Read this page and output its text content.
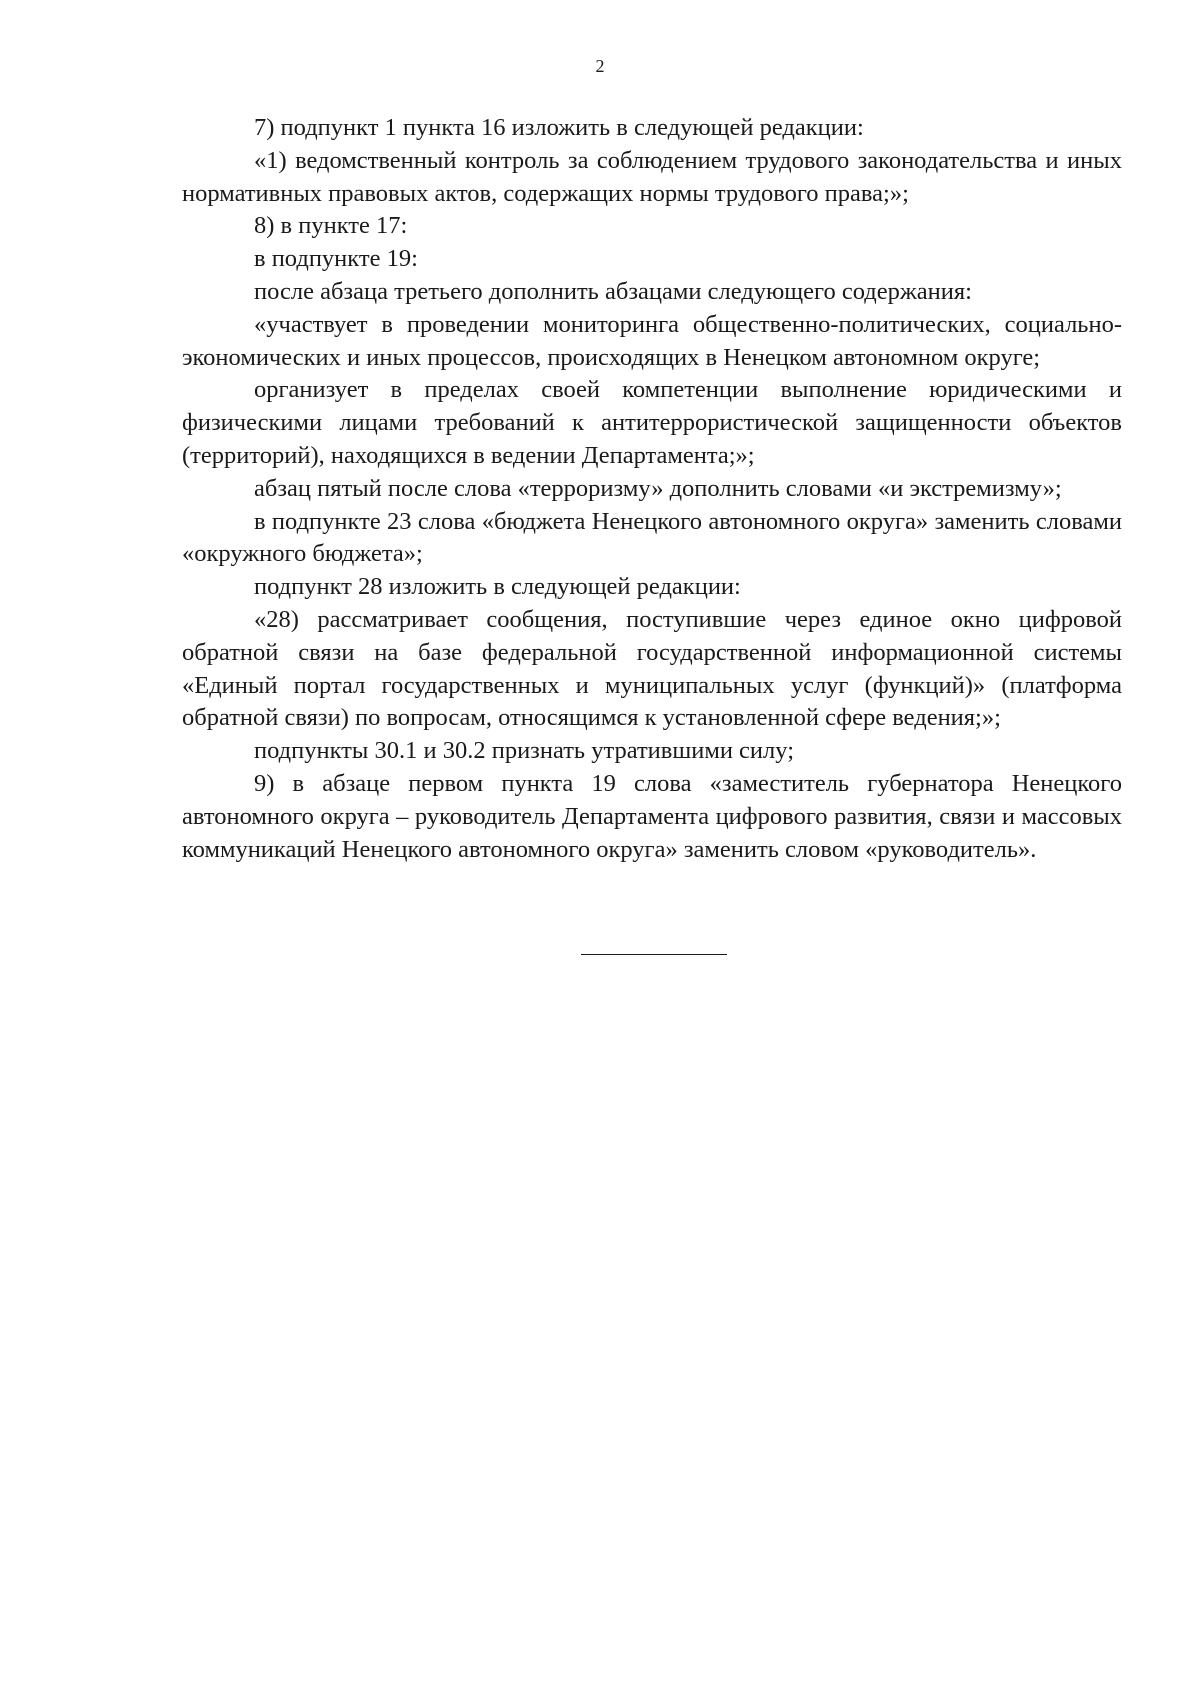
2

7) подпункт 1 пункта 16 изложить в следующей редакции:

«1) ведомственный контроль за соблюдением трудового законодательства и иных нормативных правовых актов, содержащих нормы трудового права;»;

8) в пункте 17:

в подпункте 19:

после абзаца третьего дополнить абзацами следующего содержания:

«участвует в проведении мониторинга общественно-политических, социально-экономических и иных процессов, происходящих в Ненецком автономном округе;

организует в пределах своей компетенции выполнение юридическими и физическими лицами требований к антитеррористической защищенности объектов (территорий), находящихся в ведении Департамента;»;

абзац пятый после слова «терроризму» дополнить словами «и экстремизму»;

в подпункте 23 слова «бюджета Ненецкого автономного округа» заменить словами «окружного бюджета»;

подпункт 28 изложить в следующей редакции:

«28) рассматривает сообщения, поступившие через единое окно цифровой обратной связи на базе федеральной государственной информационной системы «Единый портал государственных и муниципальных услуг (функций)» (платформа обратной связи) по вопросам, относящимся к установленной сфере ведения;»;

подпункты 30.1 и 30.2 признать утратившими силу;

9) в абзаце первом пункта 19 слова «заместитель губернатора Ненецкого автономного округа – руководитель Департамента цифрового развития, связи и массовых коммуникаций Ненецкого автономного округа» заменить словом «руководитель».
